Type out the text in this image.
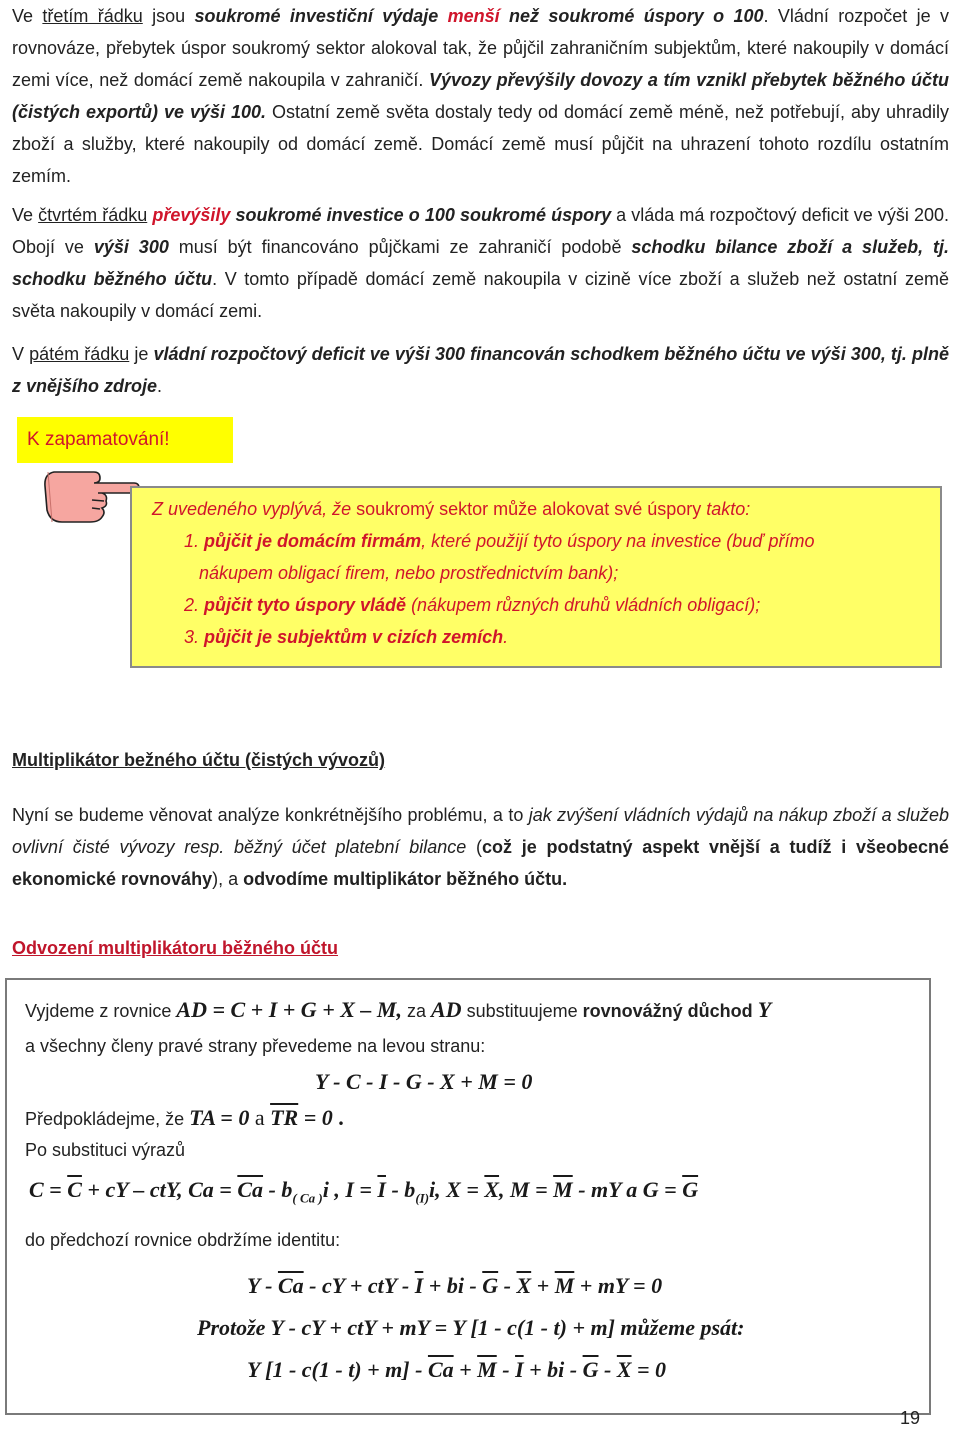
Ve třetím řádku jsou soukromé investiční výdaje menší než soukromé úspory o 100. Vládní rozpočet je v rovnováze, přebytek úspor soukromý sektor alokoval tak, že půjčil zahraničním subjektům, které nakoupily v domácí zemi více, než domácí země nakoupila v zahraničí. Vývozy převýšily dovozy a tím vznikl přebytek běžného účtu (čistých exportů) ve výši 100. Ostatní země světa dostaly tedy od domácí země méně, než potřebují, aby uhradily zboží a služby, které nakoupily od domácí země. Domácí země musí půjčit na uhrazení tohoto rozdílu ostatním zemím.

Ve čtvrtém řádku převýšily soukromé investice o 100 soukromé úspory a vláda má rozpočtový deficit ve výši 200. Obojí ve výši 300 musí být financováno půjčkami ze zahraničí podobě schodku bilance zboží a služeb, tj. schodku běžného účtu. V tomto případě domácí země nakoupila v cizině více zboží a služeb než ostatní země světa nakoupily v domácí zemi.

V pátém řádku je vládní rozpočtový deficit ve výši 300 financován schodkem běžného účtu ve výši 300, tj. plně z vnějšího zdroje.

K zapamatování!
Z uvedeného vyplývá, že soukromý sektor může alokovat své úspory takto:
1. půjčit je domácím firmám, které použijí tyto úspory na investice (buď přímo
nákupem obligací firem, nebo prostřednictvím bank);
2. půjčit tyto úspory vládě (nákupem různých druhů vládních obligací);
3. půjčit je subjektům v cizích zemích.
Multiplikátor bežného účtu (čistých vývozů)

Nyní se budeme věnovat analýze konkrétnějšího problému, a to jak zvýšení vládních výdajů na nákup zboží a služeb ovlivní čisté vývozy resp. běžný účet platební bilance (což je podstatný aspekt vnější a tudíž i všeobecné ekonomické rovnováhy), a odvodíme multiplikátor běžného účtu.

Odvození multiplikátoru běžného účtu
Vyjdeme z rovnice AD = C + I + G + X – M, za AD substituujeme rovnovážný důchod Y
a všechny členy pravé strany převedeme na levou stranu:
Y - C - I - G - X + M = 0
Předpokládejme, že TA = 0 a $\overline{TR} = 0$ .
Po substituci výrazů
$C = \overline{C}$ + cY – ctY, $Ca = \overline{Ca} - b_{( Ca )}i$ , $I = \overline{I} - b_{(I)}i$, $X = \overline{X}$, $M = \overline{M}$ - mY a $G = \overline{G}$
do předchozí rovnice obdržíme identitu:
Y - $\overline{Ca}$ - cY + ctY - $\overline{I}$ + bi - $\overline{G} - \overline{X} + \overline{M}$ + mY = 0
Protože Y - cY + ctY + mY = Y [1 - c(1 - t) + m] můžeme psát:
Y $[1 - c(1 - t) + m] - \overline{Ca} + \overline{M} - \overline{I}$ + bi - $\overline{G} - \overline{X} = 0$
19
